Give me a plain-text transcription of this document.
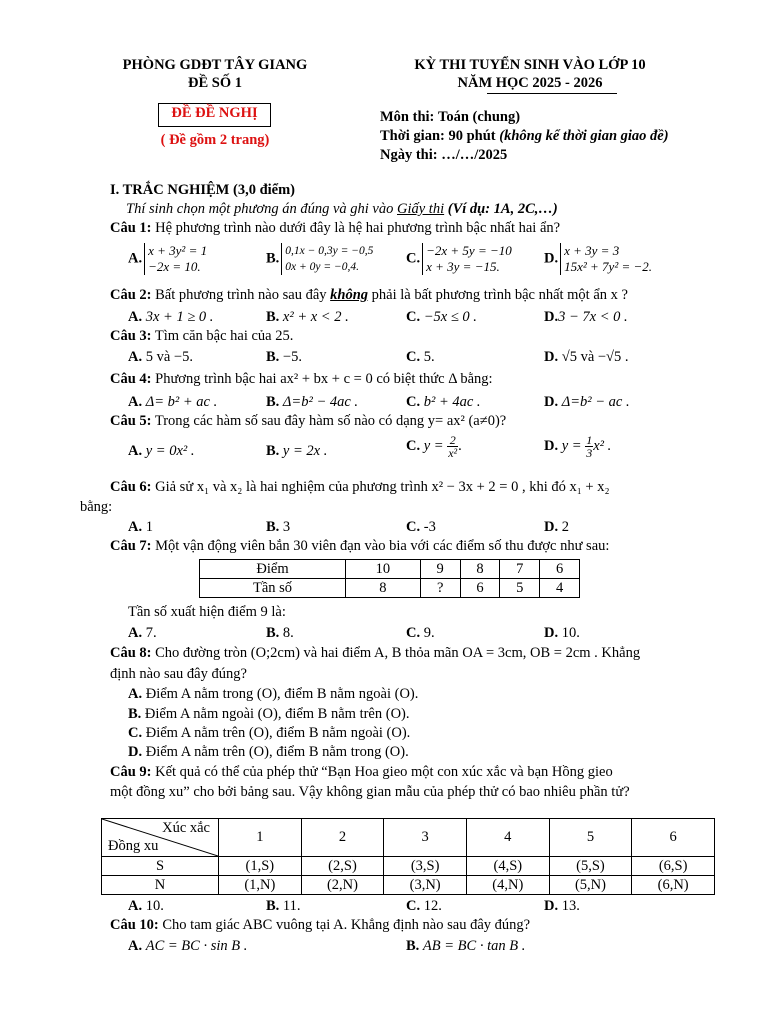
PHÒNG GDĐT TÂY GIANG
ĐỀ SỐ 1
ĐỀ ĐỀ NGHỊ
( Đề gồm 2 trang)
KỲ THI TUYỂN SINH VÀO LỚP 10
NĂM HỌC 2025 - 2026
Môn thi: Toán (chung)
Thời gian: 90 phút (không kể thời gian giao đề)
Ngày thi: …/…/2025
I. TRẮC NGHIỆM (3,0 điểm)
Thí sinh chọn một phương án đúng và ghi vào Giấy thi (Ví dụ: 1A, 2C,…)
Câu 1: Hệ phương trình nào dưới đây là hệ hai phương trình bậc nhất hai ẩn?
A. x + 3y² = 1
−2x = 10.
B. 0,1x − 0,3y = −0,5
0x + 0y = −0,4.
C. −2x + 5y = −10
x + 3y = −15.
D. x + 3y = 3
15x² + 7y² = −2.
Câu 2: Bất phương trình nào sau đây không phải là bất phương trình bậc nhất một ẩn x ?
A. 3x + 1 ≥ 0 .	B. x² + x < 2 .	C. −5x ≤ 0 .	D.3 − 7x < 0 .
Câu 3: Tìm căn bậc hai của 25.
A. 5 và −5.	B. −5.	C. 5.	D. √5 và −√5 .
Câu 4: Phương trình bậc hai ax² + bx + c = 0 có biệt thức Δ bằng:
A. Δ= b² + ac .	B. Δ=b² − 4ac .	C. b² + 4ac .	D. Δ=b² − ac .
Câu 5: Trong các hàm số sau đây hàm số nào có dạng y= ax² (a≠0)?
A. y = 0x² .	B. y = 2x .	C. $y = \frac{2}{\text{x²}}$ .	D. $y = \frac{1}{3} x^2$ .
Câu 6: Giả sử x₁ và x₂ là hai nghiệm của phương trình x² − 3x + 2 = 0 , khi đó x₁ + x₂
bằng:
A. 1	B. 3	C. -3	D. 2
Câu 7: Một vận động viên bắn 30 viên đạn vào bia với các điểm số thu được như sau:
Điểm	10	9	8	7	6
Tần số	8	?	6	5	4
Tần số xuất hiện điểm 9 là:
A. 7.	B. 8.	C. 9.	D. 10.
Câu 8: Cho đường tròn (O;2cm) và hai điểm A, B thỏa mãn OA = 3cm, OB = 2cm . Khẳng
định nào sau đây đúng?
A. Điểm A nằm trong (O), điểm B nằm ngoài (O).
B. Điểm A nằm ngoài (O), điểm B nằm trên (O).
C. Điểm A nằm trên (O), điểm B nằm ngoài (O).
D. Điểm A nằm trên (O), điểm B nằm trong (O).
Câu 9: Kết quả có thể của phép thử “Bạn Hoa gieo một con xúc xắc và bạn Hồng gieo
một đồng xu” cho bởi bảng sau. Vậy không gian mẫu của phép thử có bao nhiêu phần tử?
Xúc xắc
Đồng xu	1	2	3	4	5	6
S	(1,S)	(2,S)	(3,S)	(4,S)	(5,S)	(6,S)
N	(1,N)	(2,N)	(3,N)	(4,N)	(5,N)	(6,N)
A. 10.	B. 11.	C. 12.	D. 13.
Câu 10: Cho tam giác ABC vuông tại A. Khẳng định nào sau đây đúng?
A. AC = BC · sin B .	B. AB = BC · tan B .
